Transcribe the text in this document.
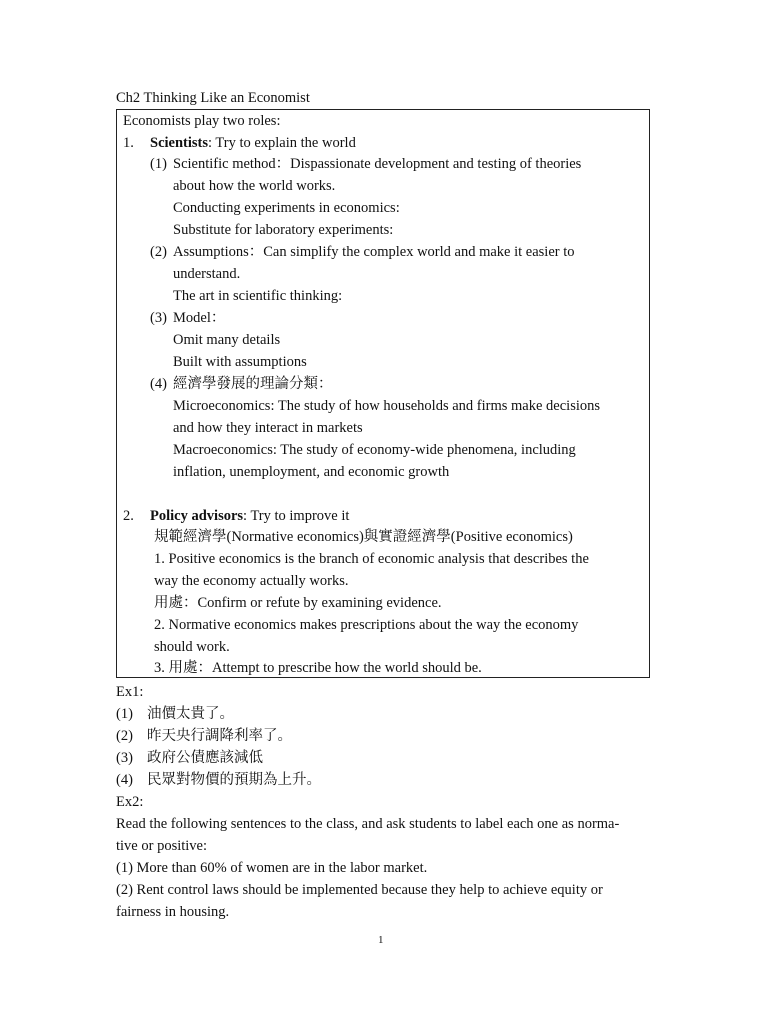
Ch2 Thinking Like an Economist
Economists play two roles:
1. Scientists: Try to explain the world
(1) Scientific method：Dispassionate development and testing of theories
about how the world works.
Conducting experiments in economics:
Substitute for laboratory experiments:
(2) Assumptions：Can simplify the complex world and make it easier to
understand.
The art in scientific thinking:
(3) Model：
Omit many details
Built with assumptions
(4) 經濟學發展的理論分類：
Microeconomics: The study of how households and firms make decisions
and how they interact in markets
Macroeconomics: The study of economy-wide phenomena, including
inflation, unemployment, and economic growth
2. Policy advisors: Try to improve it
規範經濟學(Normative economics)與實證經濟學(Positive economics)
1. Positive economics is the branch of economic analysis that describes the
way the economy actually works.
用處：Confirm or refute by examining evidence.
2. Normative economics makes prescriptions about the way the economy
should work.
3. 用處：Attempt to prescribe how the world should be.
Ex1:
(1) 油價太貴了。
(2) 昨天央行調降利率了。
(3) 政府公債應該減低
(4) 民眾對物價的預期為上升。
Ex2:
Read the following sentences to the class, and ask students to label each one as norma-
tive or positive:
(1) More than 60% of women are in the labor market.
(2) Rent control laws should be implemented because they help to achieve equity or
fairness in housing.
1
